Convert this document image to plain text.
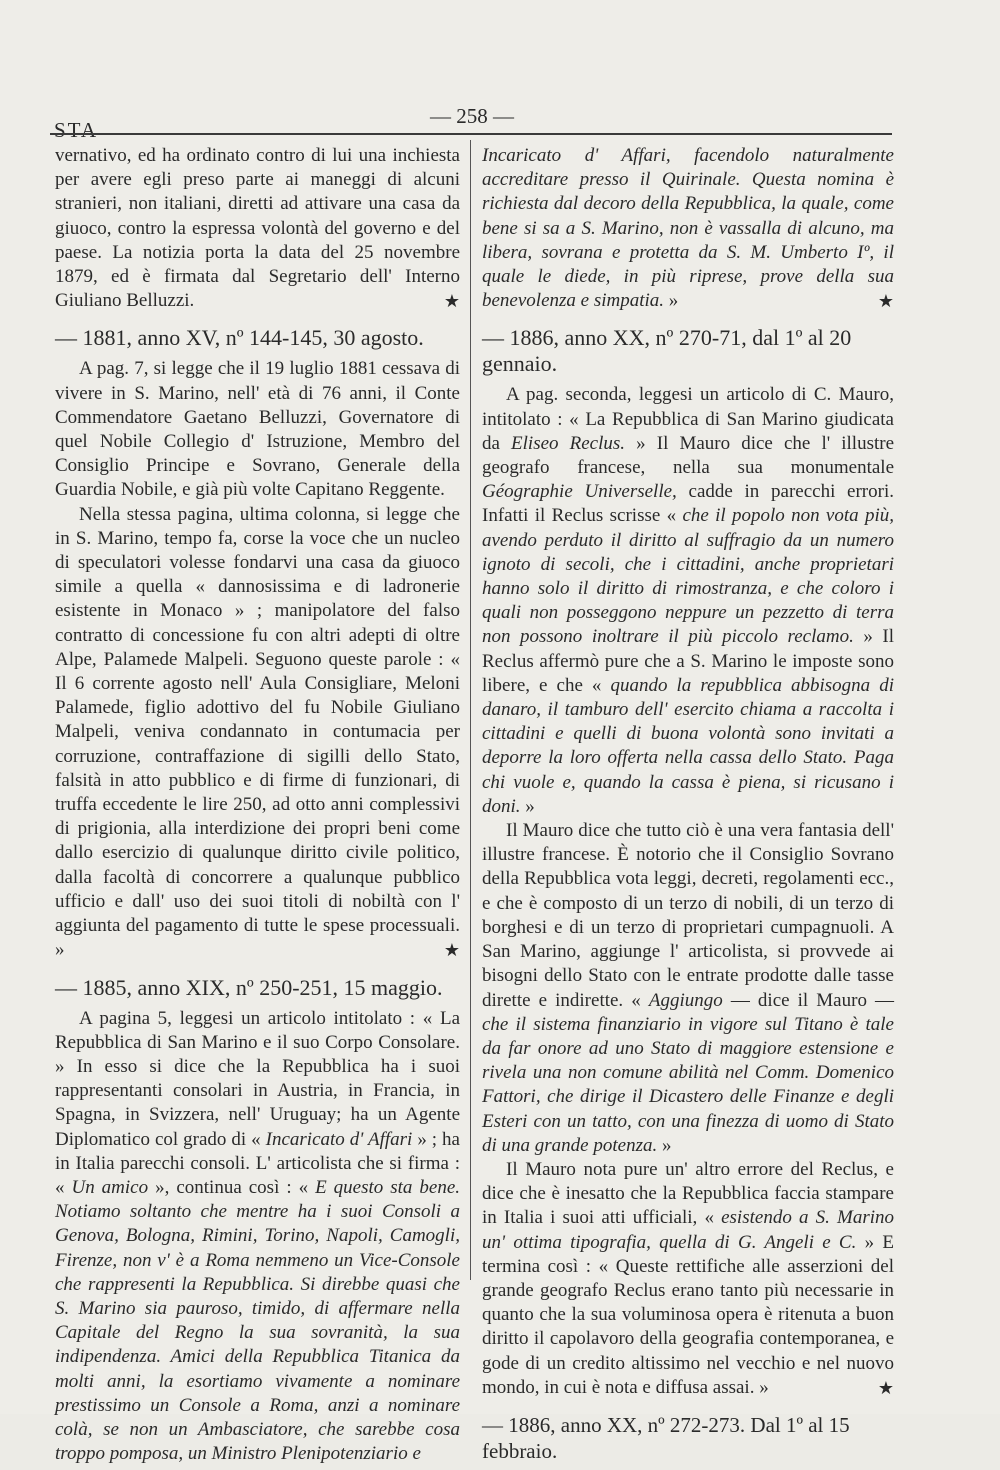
STA
— 258 —

vernativo, ed ha ordinato contro di lui una inchiesta per avere egli preso parte ai maneggi di alcuni stranieri, non italiani, diretti ad attivare una casa da giuoco, contro la espressa volontà del governo e del paese. La notizia porta la data del 25 novembre 1879, ed è firmata dal Segretario dell' Interno Giuliano Belluzzi.	★

— 1881, anno XV, nº 144-145, 30 agosto.

A pag. 7, si legge che il 19 luglio 1881 cessava di vivere in S. Marino, nell' età di 76 anni, il Conte Commendatore Gaetano Belluzzi, Governatore di quel Nobile Collegio d' Istruzione, Membro del Consiglio Principe e Sovrano, Generale della Guardia Nobile, e già più volte Capitano Reggente.

Nella stessa pagina, ultima colonna, si legge che in S. Marino, tempo fa, corse la voce che un nucleo di speculatori volesse fondarvi una casa da giuoco simile a quella « dannosissima e di ladronerie esistente in Monaco » ; manipolatore del falso contratto di concessione fu con altri adepti di oltre Alpe, Palamede Malpeli. Seguono queste parole : « Il 6 corrente agosto nell' Aula Consigliare, Meloni Palamede, figlio adottivo del fu Nobile Giuliano Malpeli, veniva condannato in contumacia per corruzione, contraffazione di sigilli dello Stato, falsità in atto pubblico e di firme di funzionari, di truffa eccedente le lire 250, ad otto anni complessivi di prigionia, alla interdizione dei propri beni come dallo esercizio di qualunque diritto civile politico, dalla facoltà di concorrere a qualunque pubblico ufficio e dall' uso dei suoi titoli di nobiltà con l' aggiunta del pagamento di tutte le spese processuali. »	★

— 1885, anno XIX, nº 250-251, 15 maggio.

A pagina 5, leggesi un articolo intitolato : « La Repubblica di San Marino e il suo Corpo Consolare. » In esso si dice che la Repubblica ha i suoi rappresentanti consolari in Austria, in Francia, in Spagna, in Svizzera, nell' Uruguay; ha un Agente Diplomatico col grado di « Incaricato d' Affari » ; ha in Italia parecchi consoli. L' articolista che si firma : « Un amico », continua così : « E questo sta bene. Notiamo soltanto che mentre ha i suoi Consoli a Genova, Bologna, Rimini, Torino, Napoli, Camogli, Firenze, non v' è a Roma nemmeno un Vice-Console che rappresenti la Repubblica. Si direbbe quasi che S. Marino sia pauroso, timido, di affermare nella Capitale del Regno la sua sovranità, la sua indipendenza. Amici della Repubblica Titanica da molti anni, la esortiamo vivamente a nominare prestissimo un Console a Roma, anzi a nominare colà, se non un Ambasciatore, che sarebbe cosa troppo pomposa, un Ministro Plenipotenziario e

Incaricato d' Affari, facendolo naturalmente accreditare presso il Quirinale. Questa nomina è richiesta dal decoro della Repubblica, la quale, come bene si sa a S. Marino, non è vassalla di alcuno, ma libera, sovrana e protetta da S. M. Umberto Iº, il quale le diede, in più riprese, prove della sua benevolenza e simpatia. »	★

— 1886, anno XX, nº 270-71, dal 1º al 20 gennaio.

A pag. seconda, leggesi un articolo di C. Mauro, intitolato : « La Repubblica di San Marino giudicata da Eliseo Reclus. » Il Mauro dice che l' illustre geografo francese, nella sua monumentale Géographie Universelle, cadde in parecchi errori. Infatti il Reclus scrisse « che il popolo non vota più, avendo perduto il diritto al suffragio da un numero ignoto di secoli, che i cittadini, anche proprietari hanno solo il diritto di rimostranza, e che coloro i quali non posseggono neppure un pezzetto di terra non possono inoltrare il più piccolo reclamo. » Il Reclus affermò pure che a S. Marino le imposte sono libere, e che « quando la repubblica abbisogna di danaro, il tamburo dell' esercito chiama a raccolta i cittadini e quelli di buona volontà sono invitati a deporre la loro offerta nella cassa dello Stato. Paga chi vuole e, quando la cassa è piena, si ricusano i doni. »

Il Mauro dice che tutto ciò è una vera fantasia dell' illustre francese. È notorio che il Consiglio Sovrano della Repubblica vota leggi, decreti, regolamenti ecc., e che è composto di un terzo di nobili, di un terzo di borghesi e di un terzo di proprietari cumpagnuoli. A San Marino, aggiunge l' articolista, si provvede ai bisogni dello Stato con le entrate prodotte dalle tasse dirette e indirette. « Aggiungo — dice il Mauro — che il sistema finanziario in vigore sul Titano è tale da far onore ad uno Stato di maggiore estensione e rivela una non comune abilità nel Comm. Domenico Fattori, che dirige il Dicastero delle Finanze e degli Esteri con un tatto, con una finezza di uomo di Stato di una grande potenza. »

Il Mauro nota pure un' altro errore del Reclus, e dice che è inesatto che la Repubblica faccia stampare in Italia i suoi atti ufficiali, « esistendo a S. Marino un' ottima tipografia, quella di G. Angeli e C. » E termina così : « Queste rettifiche alle asserzioni del grande geografo Reclus erano tanto più necessarie in quanto che la sua voluminosa opera è ritenuta a buon diritto il capolavoro della geografia contemporanea, e gode di un credito altissimo nel vecchio e nel nuovo mondo, in cui è nota e diffusa assai. »	★

— 1886, anno XX, nº 272-273. Dal 1º al 15 febbraio.
